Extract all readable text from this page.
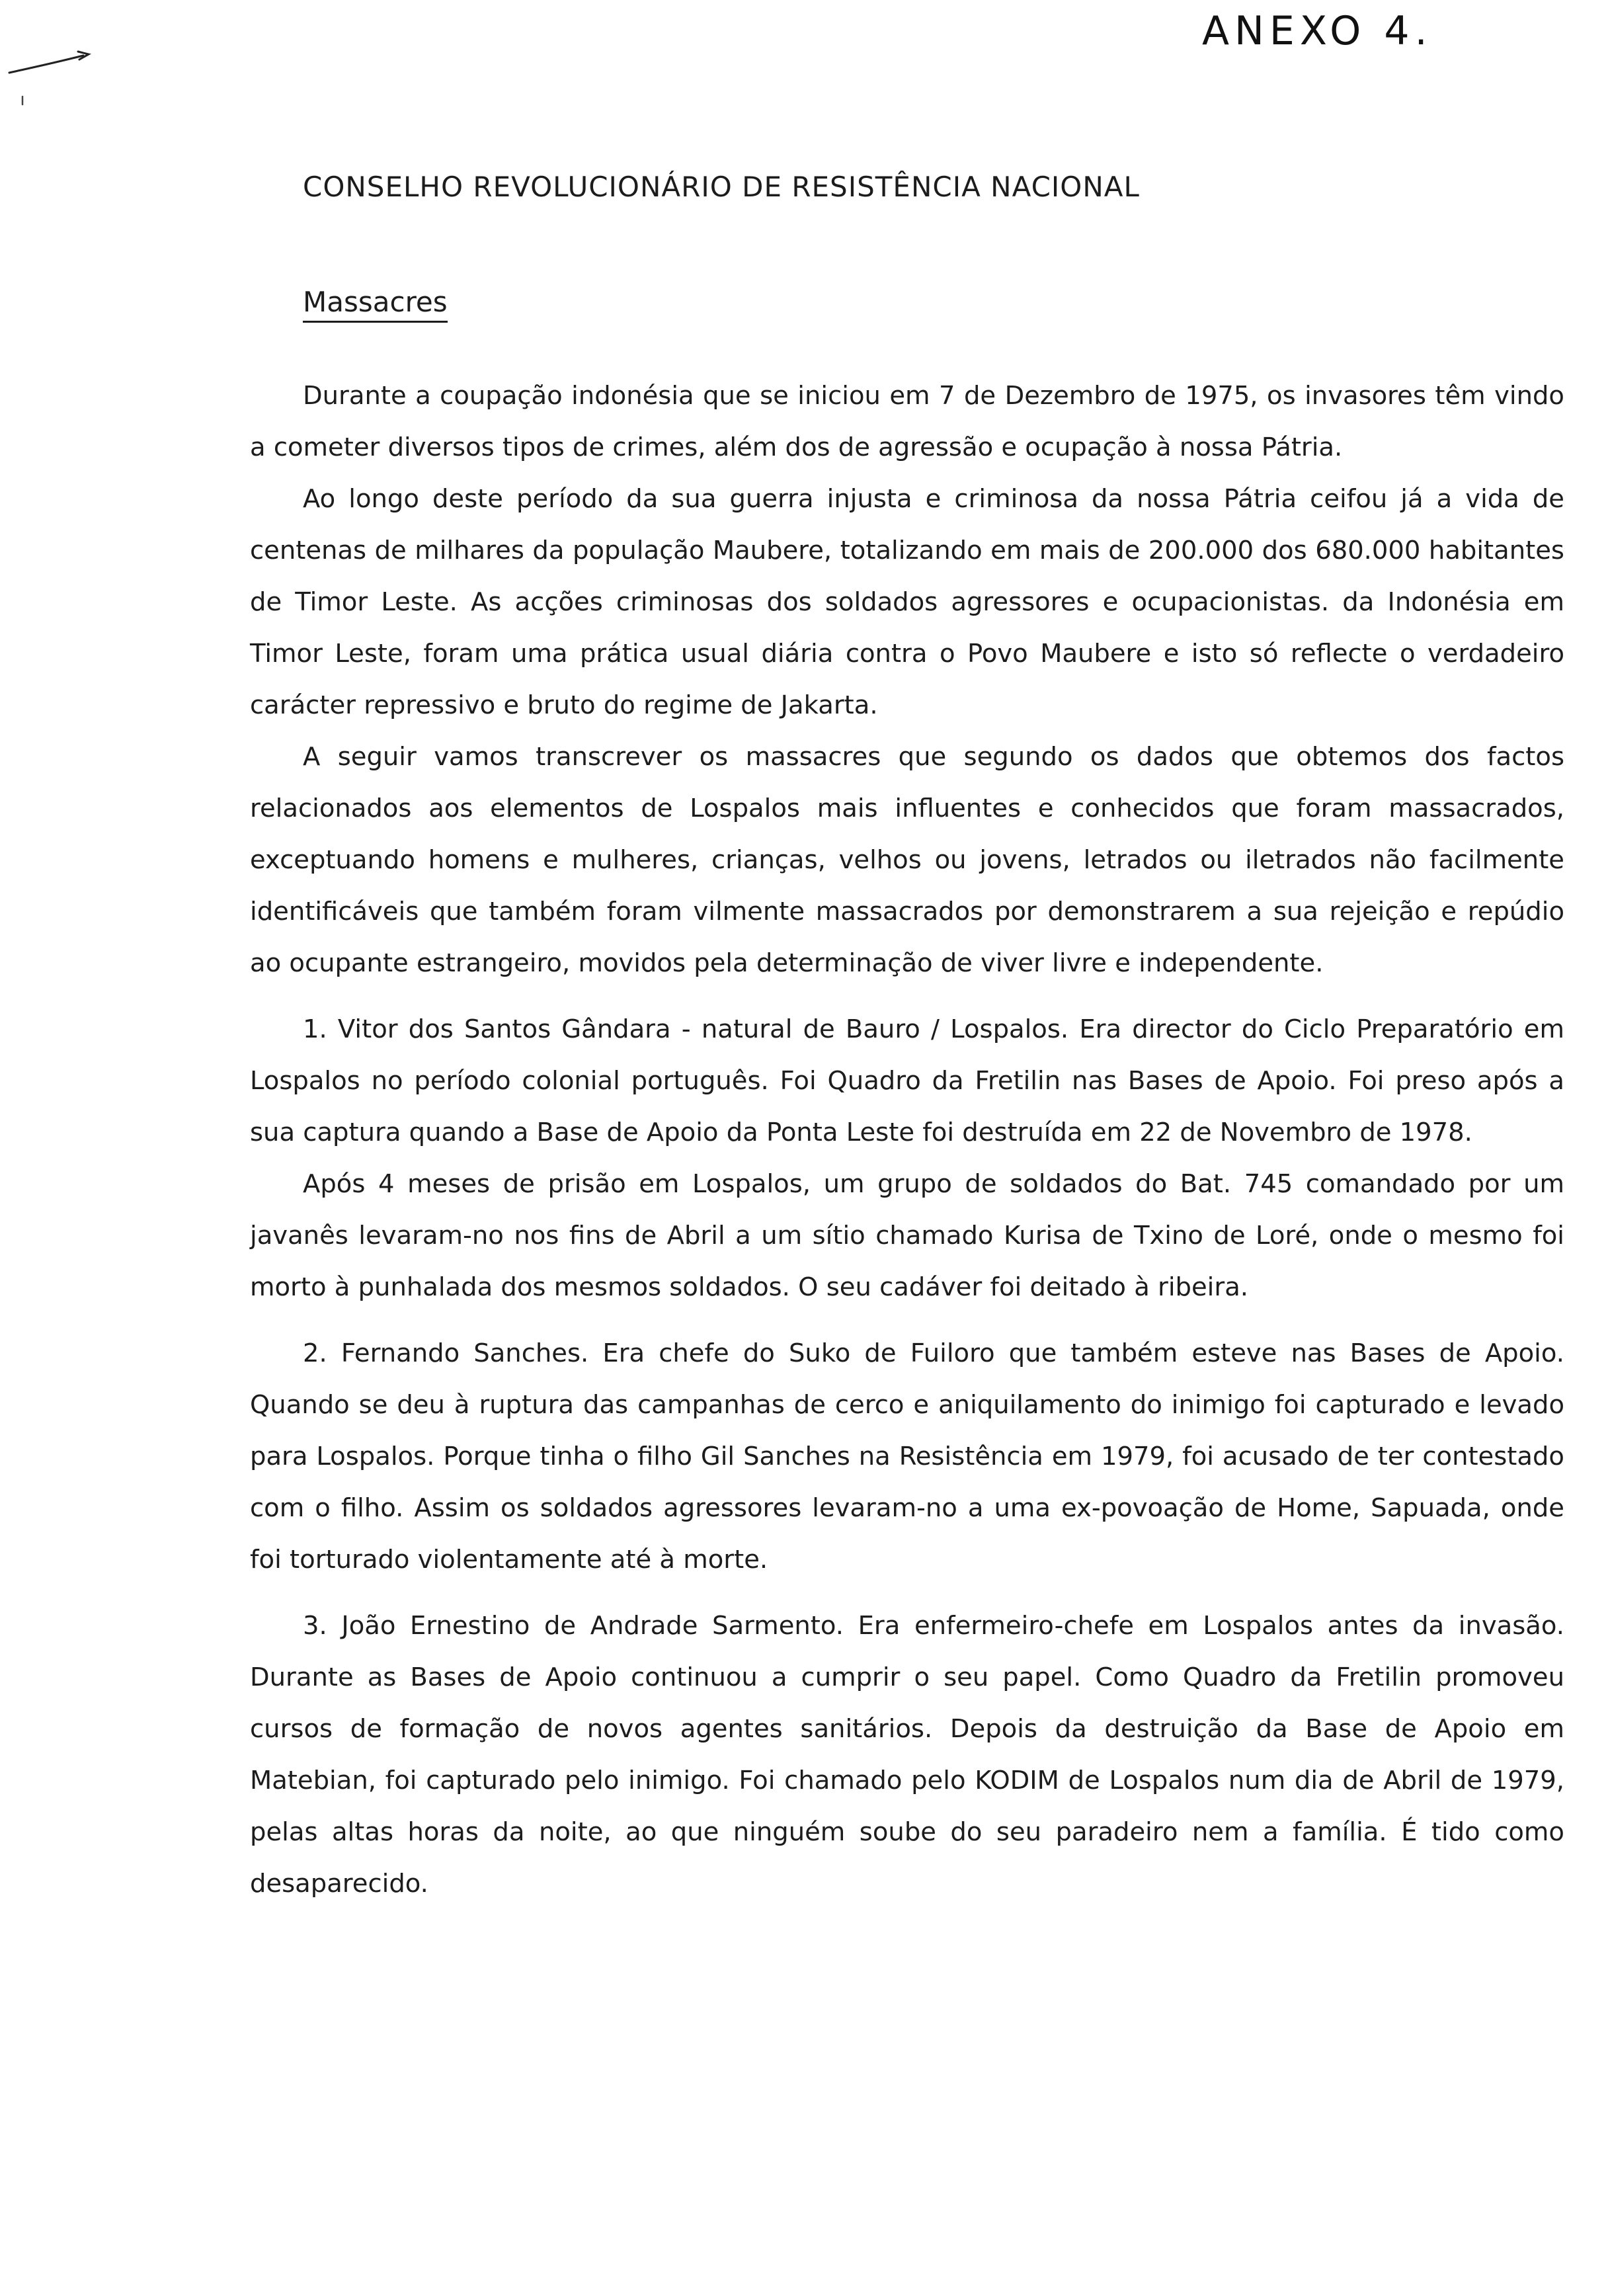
ANEXO 4.
CONSELHO REVOLUCIONÁRIO DE RESISTÊNCIA NACIONAL
Massacres

Durante a coupação indonésia que se iniciou em 7 de Dezembro de 1975, os invasores têm vindo a cometer diversos tipos de crimes, além dos de agressão e ocupação à nossa Pátria.

Ao longo deste período da sua guerra injusta e criminosa da nossa Pátria ceifou já a vida de centenas de milhares da população Maubere, totalizando em mais de 200.000 dos 680.000 habitantes de Timor Leste. As acções criminosas dos soldados agressores e ocupacionistas. da Indonésia em Timor Leste, foram uma prática usual diária contra o Povo Maubere e isto só reflecte o verdadeiro carácter repressivo e bruto do regime de Jakarta.

A seguir vamos transcrever os massacres que segundo os dados que obtemos dos factos relacionados aos elementos de Lospalos mais influentes e conhecidos que foram massacrados, exceptuando homens e mulheres, crianças, velhos ou jovens, letrados ou iletrados não facilmente identificáveis que também foram vilmente massacrados por demonstrarem a sua rejeição e repúdio ao ocupante estrangeiro, movidos pela determinação de viver livre e independente.

1. Vitor dos Santos Gândara - natural de Bauro / Lospalos. Era director do Ciclo Preparatório em Lospalos no período colonial português. Foi Quadro da Fretilin nas Bases de Apoio. Foi preso após a sua captura quando a Base de Apoio da Ponta Leste foi destruída em 22 de Novembro de 1978.

Após 4 meses de prisão em Lospalos, um grupo de soldados do Bat. 745 comandado por um javanês levaram-no nos fins de Abril a um sítio chamado Kurisa de Txino de Loré, onde o mesmo foi morto à punhalada dos mesmos soldados. O seu cadáver foi deitado à ribeira.

2. Fernando Sanches. Era chefe do Suko de Fuiloro que também esteve nas Bases de Apoio. Quando se deu à ruptura das campanhas de cerco e aniquilamento do inimigo foi capturado e levado para Lospalos. Porque tinha o filho Gil Sanches na Resistência em 1979, foi acusado de ter contestado com o filho. Assim os soldados agressores levaram-no a uma ex-povoação de Home, Sapuada, onde foi torturado violentamente até à morte.

3. João Ernestino de Andrade Sarmento. Era enfermeiro-chefe em Lospalos antes da invasão. Durante as Bases de Apoio continuou a cumprir o seu papel. Como Quadro da Fretilin promoveu cursos de formação de novos agentes sanitários. Depois da destruição da Base de Apoio em Matebian, foi capturado pelo inimigo. Foi chamado pelo KODIM de Lospalos num dia de Abril de 1979, pelas altas horas da noite, ao que ninguém soube do seu paradeiro nem a família. É tido como desaparecido.
